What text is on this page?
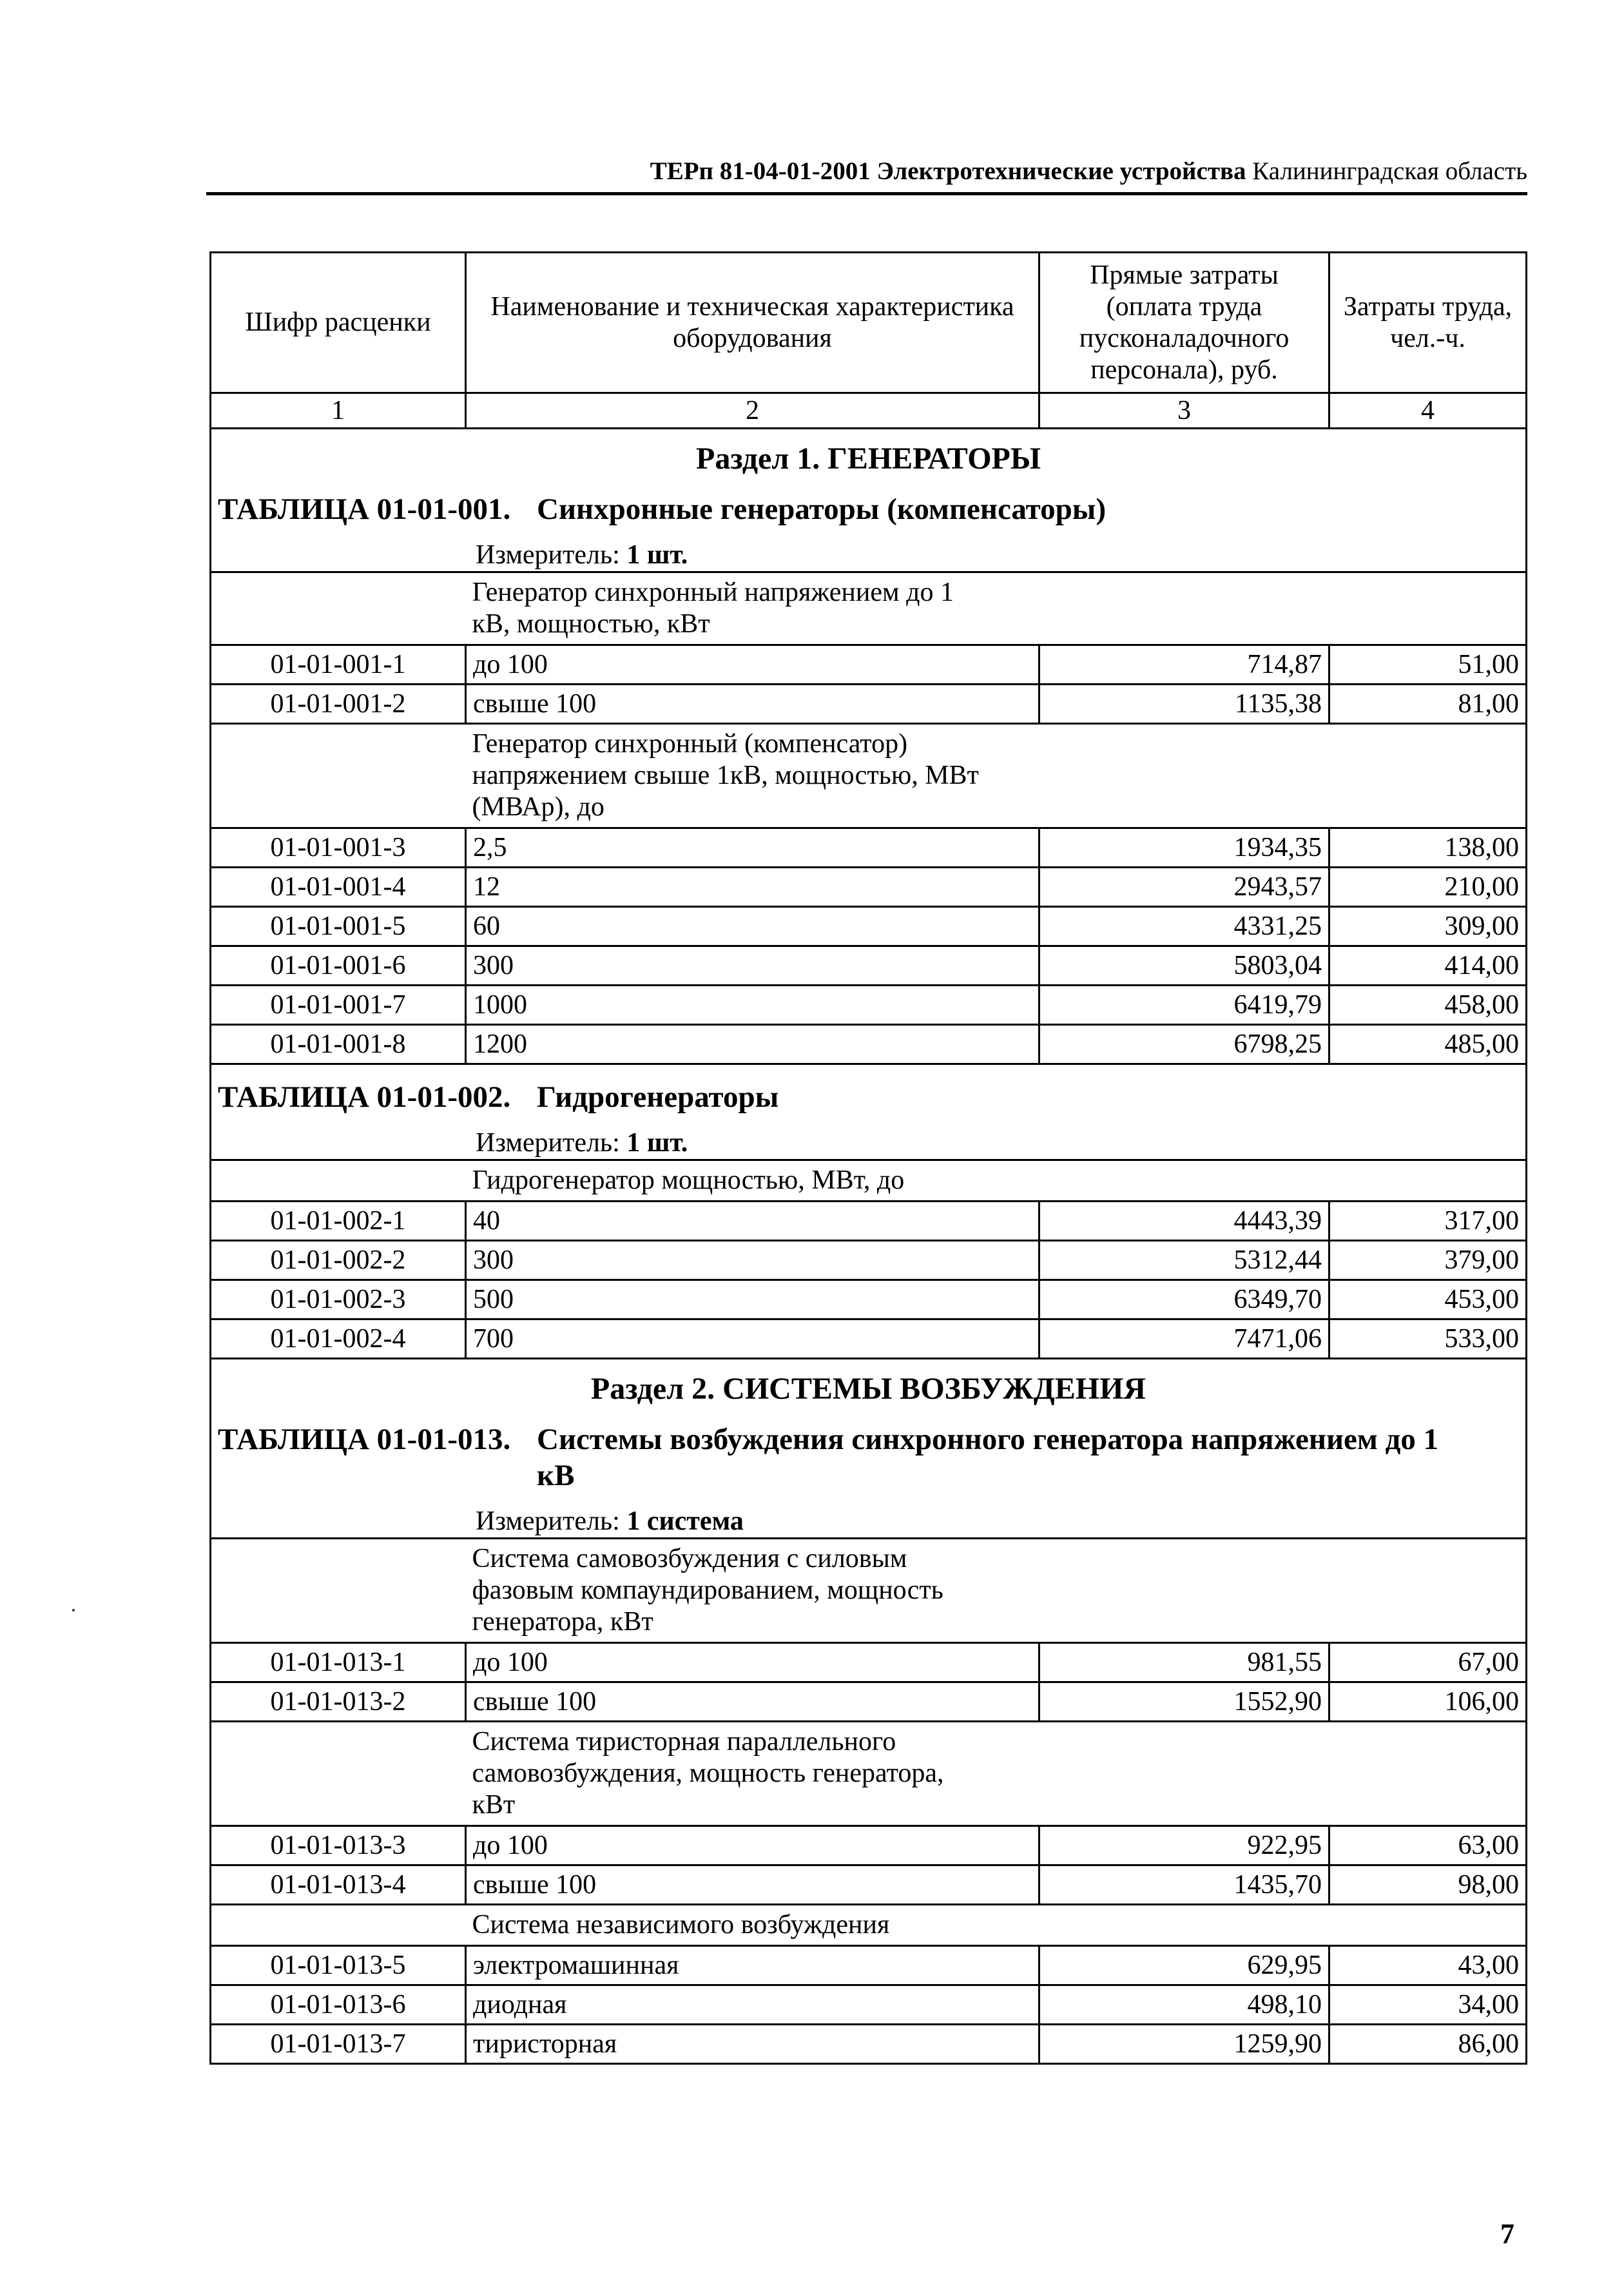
ТЕРп 81-04-01-2001 Электротехнические устройства Калининградская область
Шифр расценки	Наименование и техническая характеристика оборудования	Прямые затраты (оплата труда пусконаладочного персонала), руб.	Затраты труда, чел.-ч.
1	2	3	4

Раздел 1. ГЕНЕРАТОРЫ
ТАБЛИЦА 01-01-001. Синхронные генераторы (компенсаторы)
Измеритель: 1 шт.			

	Генератор синхронный напряжением до 1 кВ, мощностью, кВт		
01-01-001-1	до 100	714,87	51,00
01-01-001-2	свыше 100	1135,38	81,00
	Генератор синхронный (компенсатор) напряжением свыше 1кВ, мощностью, МВт (МВАр), до		
01-01-001-3	2,5	1934,35	138,00
01-01-001-4	12	2943,57	210,00
01-01-001-5	60	4331,25	309,00
01-01-001-6	300	5803,04	414,00
01-01-001-7	1000	6419,79	458,00
01-01-001-8	1200	6798,25	485,00

ТАБЛИЦА 01-01-002. Гидрогенераторы
Измеритель: 1 шт.			

	Гидрогенератор мощностью, МВт, до		
01-01-002-1	40	4443,39	317,00
01-01-002-2	300	5312,44	379,00
01-01-002-3	500	6349,70	453,00
01-01-002-4	700	7471,06	533,00

Раздел 2. СИСТЕМЫ ВОЗБУЖДЕНИЯ
ТАБЛИЦА 01-01-013. Системы возбуждения синхронного генератора напряжением до 1 кВ
Измеритель: 1 система			

	Система самовозбуждения с силовым фазовым компаундированием, мощность генератора, кВт		
01-01-013-1	до 100	981,55	67,00
01-01-013-2	свыше 100	1552,90	106,00
	Система тиристорная параллельного самовозбуждения, мощность генератора, кВт		
01-01-013-3	до 100	922,95	63,00
01-01-013-4	свыше 100	1435,70	98,00
	Система независимого возбуждения		
01-01-013-5	электромашинная	629,95	43,00
01-01-013-6	диодная	498,10	34,00
01-01-013-7	тиристорная	1259,90	86,00
7
